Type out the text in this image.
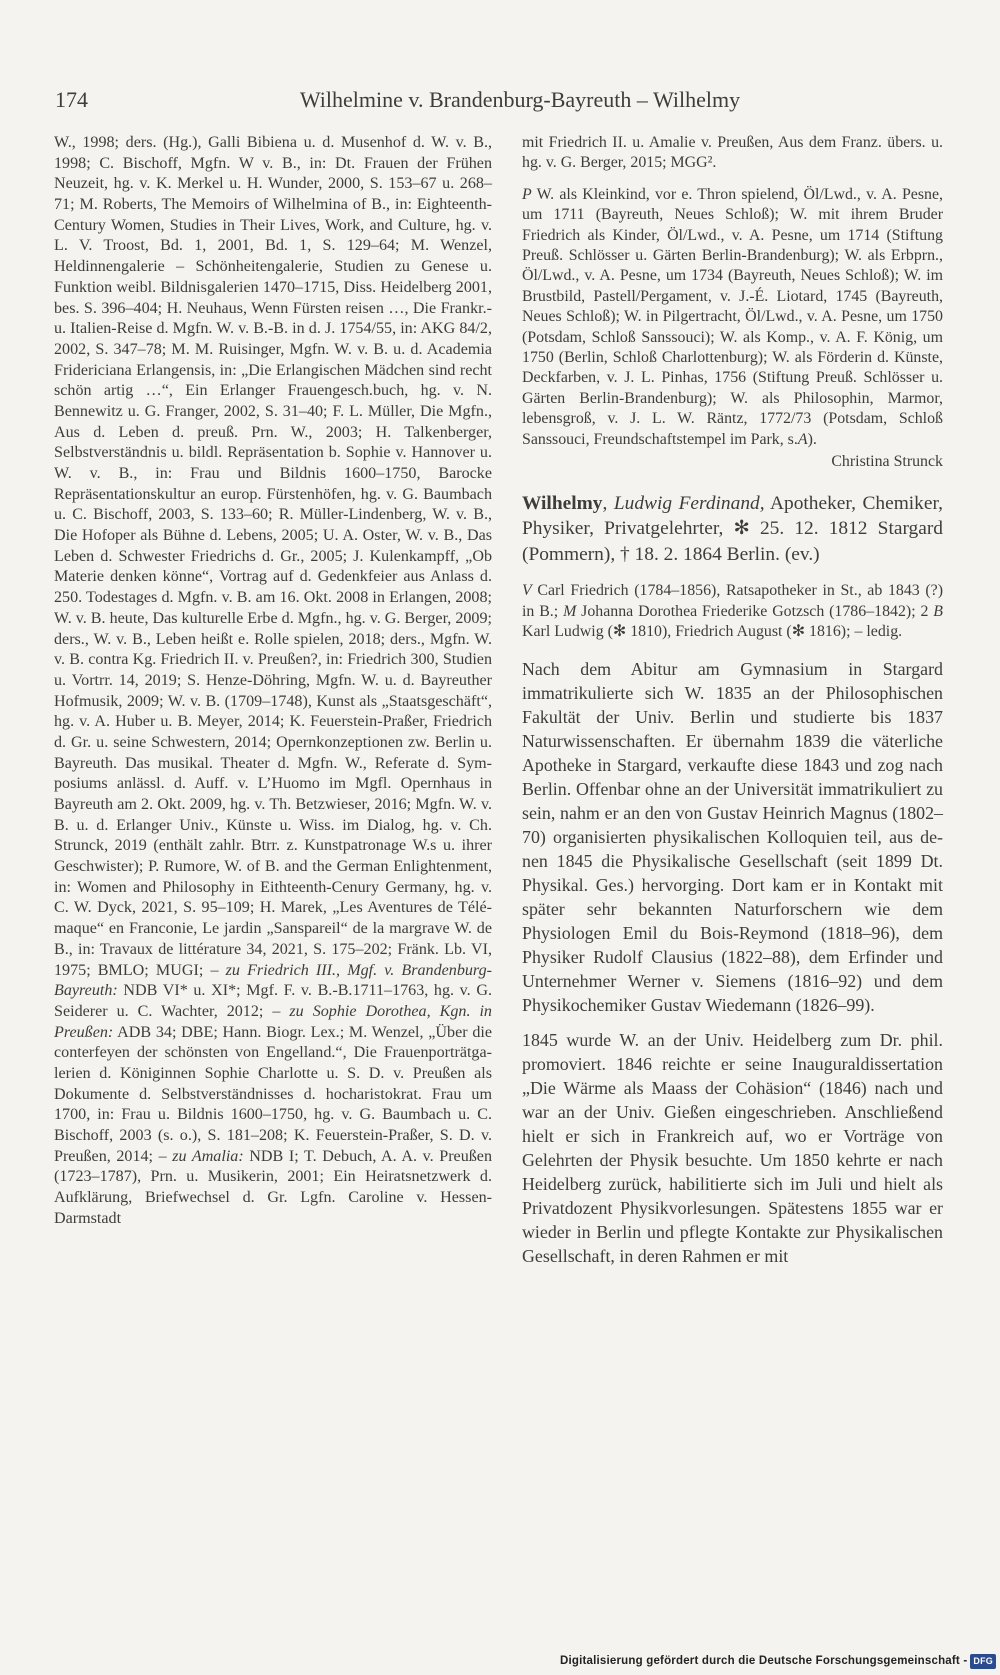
174	Wilhelmine v. Brandenburg-Bayreuth – Wilhelmy

W., 1998; ders. (Hg.), Galli Bibiena u. d. Musenhof d. W. v. B., 1998; C. Bischoff, Mgfn. W v. B., in: Dt. Frauen der Frühen Neuzeit, hg. v. K. Merkel u. H. Wunder, 2000, S. 153–67 u. 268–71; M. Roberts, The Memoirs of Wilhelmina of B., in: Eighteenth-Century Women, Studies in Their Lives, Work, and Culture, hg. v. L. V. Troost, Bd. 1, 2001, Bd. 1, S. 129–64; M. Wenzel, Heldinnengalerie – Schönheitengalerie, Studien zu Genese u. Funktion weibl. Bildnisgalerien 1470–1715, Diss. Heidelberg 2001, bes. S. 396–404; H. Neuhaus, Wenn Fürsten reisen …, Die Frankr.- u. Italien-Reise d. Mgfn. W. v. B.-B. in d. J. 1754/55, in: AKG 84/2, 2002, S. 347–78; M. M. Ruisinger, Mgfn. W. v. B. u. d. Academia Fridericiana Erlangensis, in: „Die Erlangischen Mädchen sind recht schön artig …“, Ein Erlanger Frauengesch.buch, hg. v. N. Bennewitz u. G. Franger, 2002, S. 31–40; F. L. Müller, Die Mgfn., Aus d. Leben d. preuß. Prn. W., 2003; H. Talkenberger, Selbstverständnis u. bildl. Repräsentation b. Sophie v. Hannover u. W. v. B., in: Frau und Bildnis 1600–1750, Barocke Repräsentationskultur an europ. Fürstenhöfen, hg. v. G. Baumbach u. C. Bischoff, 2003, S. 133–60; R. Müller-Lindenberg, W. v. B., Die Hofoper als Bühne d. Lebens, 2005; U. A. Oster, W. v. B., Das Leben d. Schwester Friedrichs d. Gr., 2005; J. Kulenkampff, „Ob Materie denken könne“, Vortrag auf d. Gedenkfeier aus Anlass d. 250. Todestages d. Mgfn. v. B. am 16. Okt. 2008 in Erlangen, 2008; W. v. B. heute, Das kulturelle Erbe d. Mgfn., hg. v. G. Berger, 2009; ders., W. v. B., Leben heißt e. Rolle spielen, 2018; ders., Mgfn. W. v. B. contra Kg. Friedrich II. v. Preußen?, in: Friedrich 300, Studien u. Vortrr. 14, 2019; S. Henze-Döhring, Mgfn. W. u. d. Bayreuther Hofmusik, 2009; W. v. B. (1709–1748), Kunst als „Staatsgeschäft“, hg. v. A. Huber u. B. Meyer, 2014; K. Feuerstein-Praßer, Friedrich d. Gr. u. seine Schwestern, 2014; Opernkonzeptionen zw. Berlin u. Bayreuth. Das musikal. Theater d. Mgfn. W., Referate d. Symposiums anlässl. d. Auff. v. L’Huomo im Mgfl. Opernhaus in Bayreuth am 2. Okt. 2009, hg. v. Th. Betzwieser, 2016; Mgfn. W. v. B. u. d. Erlanger Univ., Künste u. Wiss. im Dialog, hg. v. Ch. Strunck, 2019 (enthält zahlr. Btrr. z. Kunstpatronage W.s u. ihrer Geschwister); P. Rumore, W. of B. and the German Enlightenment, in: Women and Philosophy in Eithteenth-Cenury Germany, hg. v. C. W. Dyck, 2021, S. 95–109; H. Marek, „Les Aventures de Télémaque“ en Franconie, Le jardin „Sanspareil“ de la margrave W. de B., in: Travaux de littérature 34, 2021, S. 175–202; Fränk. Lb. VI, 1975; BMLO; MUGI; – zu Friedrich III., Mgf. v. Brandenburg-Bayreuth: NDB VI* u. XI*; Mgf. F. v. B.-B.1711–1763, hg. v. G. Seiderer u. C. Wachter, 2012; – zu Sophie Dorothea, Kgn. in Preußen: ADB 34; DBE; Hann. Biogr. Lex.; M. Wenzel, „Über die conterfeyen der schönsten von Engelland.“, Die Frauenporträtgalerien d. Königinnen Sophie Charlotte u. S. D. v. Preußen als Dokumente d. Selbstverständnisses d. hocharistokrat. Frau um 1700, in: Frau u. Bildnis 1600–1750, hg. v. G. Baumbach u. C. Bischoff, 2003 (s. o.), S. 181–208; K. Feuerstein-Praßer, S. D. v. Preußen, 2014; – zu Amalia: NDB I; T. Debuch, A. A. v. Preußen (1723–1787), Prn. u. Musikerin, 2001; Ein Heiratsnetzwerk d. Aufklärung, Briefwechsel d. Gr. Lgfn. Caroline v. Hessen-Darmstadt

mit Friedrich II. u. Amalie v. Preußen, Aus dem Franz. übers. u. hg. v. G. Berger, 2015; MGG².

P W. als Kleinkind, vor e. Thron spielend, Öl/Lwd., v. A. Pesne, um 1711 (Bayreuth, Neues Schloß); W. mit ihrem Bruder Friedrich als Kinder, Öl/Lwd., v. A. Pesne, um 1714 (Stiftung Preuß. Schlösser u. Gärten Berlin-Brandenburg); W. als Erbprn., Öl/Lwd., v. A. Pesne, um 1734 (Bayreuth, Neues Schloß); W. im Brustbild, Pastell/Pergament, v. J.-É. Liotard, 1745 (Bayreuth, Neues Schloß); W. in Pilgertracht, Öl/Lwd., v. A. Pesne, um 1750 (Potsdam, Schloß Sanssouci); W. als Komp., v. A. F. König, um 1750 (Berlin, Schloß Charlottenburg); W. als Förderin d. Künste, Deckfarben, v. J. L. Pinhas, 1756 (Stiftung Preuß. Schlösser u. Gärten Berlin-Brandenburg); W. als Philosophin, Marmor, lebensgroß, v. J. L. W. Räntz, 1772/73 (Potsdam, Schloß Sanssouci, Freundschaftstempel im Park, s.A).

Christina Strunck

Wilhelmy, Ludwig Ferdinand, Apotheker, Chemiker, Physiker, Privatgelehrter, ✻ 25. 12. 1812 Stargard (Pommern), † 18. 2. 1864 Berlin. (ev.)

V Carl Friedrich (1784–1856), Ratsapotheker in St., ab 1843 (?) in B.; M Johanna Dorothea Friederike Gotzsch (1786–1842); 2 B Karl Ludwig (✻ 1810), Friedrich August (✻ 1816); – ledig.

Nach dem Abitur am Gymnasium in Stargard immatrikulierte sich W. 1835 an der Philosophischen Fakultät der Univ. Berlin und studierte bis 1837 Naturwissenschaften. Er übernahm 1839 die väterliche Apotheke in Stargard, verkaufte diese 1843 und zog nach Berlin. Offenbar ohne an der Universität immatrikuliert zu sein, nahm er an den von Gustav Heinrich Magnus (1802–70) organisierten physikalischen Kolloquien teil, aus denen 1845 die Physikalische Gesellschaft (seit 1899 Dt. Physikal. Ges.) hervorging. Dort kam er in Kontakt mit später sehr bekannten Naturforschern wie dem Physiologen Emil du Bois-Reymond (1818–96), dem Physiker Rudolf Clausius (1822–88), dem Erfinder und Unternehmer Werner v. Siemens (1816–92) und dem Physikochemiker Gustav Wiedemann (1826–99).

1845 wurde W. an der Univ. Heidelberg zum Dr. phil. promoviert. 1846 reichte er seine Inauguraldissertation „Die Wärme als Maass der Cohäsion“ (1846) nach und war an der Univ. Gießen eingeschrieben. Anschließend hielt er sich in Frankreich auf, wo er Vorträge von Gelehrten der Physik besuchte. Um 1850 kehrte er nach Heidelberg zurück, habilitierte sich im Juli und hielt als Privatdozent Physikvorlesungen. Spätestens 1855 war er wieder in Berlin und pflegte Kontakte zur Physikalischen Gesellschaft, in deren Rahmen er mit

Digitalisierung gefördert durch die Deutsche Forschungsgemeinschaft - DFG
